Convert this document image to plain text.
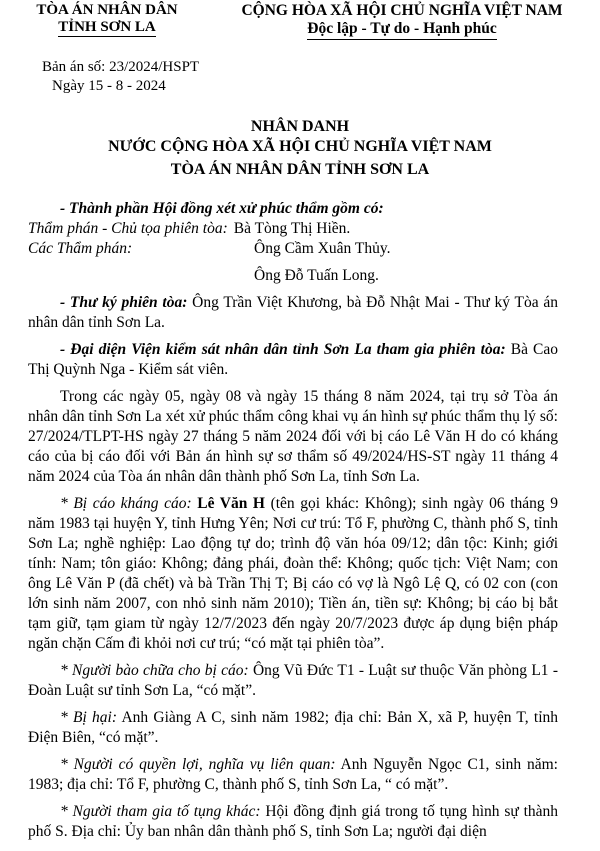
TÒA ÁN NHÂN DÂN
TỈNH SƠN LA
CỘNG HÒA XÃ HỘI CHỦ NGHĨA VIỆT NAM
Độc lập - Tự do - Hạnh phúc
Bản án số: 23/2024/HSPT
Ngày 15 - 8 - 2024
NHÂN DANH
NƯỚC CỘNG HÒA XÃ HỘI CHỦ NGHĨA VIỆT NAM
TÒA ÁN NHÂN DÂN TỈNH SƠN LA

- Thành phần Hội đồng xét xử phúc thẩm gồm có:

Thẩm phán - Chủ tọa phiên tòa: Bà Tòng Thị Hiền.
Các Thẩm phán:	Ông Cầm Xuân Thủy.
Ông Đỗ Tuấn Long.

- Thư ký phiên tòa: Ông Trần Việt Khương, bà Đỗ Nhật Mai - Thư ký Tòa án nhân dân tỉnh Sơn La.

- Đại diện Viện kiểm sát nhân dân tỉnh Sơn La tham gia phiên tòa: Bà Cao Thị Quỳnh Nga - Kiểm sát viên.

Trong các ngày 05, ngày 08 và ngày 15 tháng 8 năm 2024, tại trụ sở Tòa án nhân dân tỉnh Sơn La xét xử phúc thẩm công khai vụ án hình sự phúc thẩm thụ lý số: 27/2024/TLPT-HS ngày 27 tháng 5 năm 2024 đối với bị cáo Lê Văn H do có kháng cáo của bị cáo đối với Bản án hình sự sơ thẩm số 49/2024/HS-ST ngày 11 tháng 4 năm 2024 của Tòa án nhân dân thành phố Sơn La, tỉnh Sơn La.

* Bị cáo kháng cáo: Lê Văn H (tên gọi khác: Không); sinh ngày 06 tháng 9 năm 1983 tại huyện Y, tỉnh Hưng Yên; Nơi cư trú: Tổ F, phường C, thành phố S, tỉnh Sơn La; nghề nghiệp: Lao động tự do; trình độ văn hóa 09/12; dân tộc: Kinh; giới tính: Nam; tôn giáo: Không; đảng phái, đoàn thể: Không; quốc tịch: Việt Nam; con ông Lê Văn P (đã chết) và bà Trần Thị T; Bị cáo có vợ là Ngô Lệ Q, có 02 con (con lớn sinh năm 2007, con nhỏ sinh năm 2010); Tiền án, tiền sự: Không; bị cáo bị bắt tạm giữ, tạm giam từ ngày 12/7/2023 đến ngày 20/7/2023 được áp dụng biện pháp ngăn chặn Cấm đi khỏi nơi cư trú; “có mặt tại phiên tòa”.

* Người bào chữa cho bị cáo: Ông Vũ Đức T1 - Luật sư thuộc Văn phòng L1 - Đoàn Luật sư tỉnh Sơn La, “có mặt”.

* Bị hại: Anh Giàng A C, sinh năm 1982; địa chỉ: Bản X, xã P, huyện T, tỉnh Điện Biên, “có mặt”.

* Người có quyền lợi, nghĩa vụ liên quan: Anh Nguyễn Ngọc C1, sinh năm: 1983; địa chỉ: Tổ F, phường C, thành phố S, tỉnh Sơn La, “ có mặt”.

* Người tham gia tố tụng khác: Hội đồng định giá trong tố tụng hình sự thành phố S. Địa chỉ: Ủy ban nhân dân thành phố S, tỉnh Sơn La; người đại diện
